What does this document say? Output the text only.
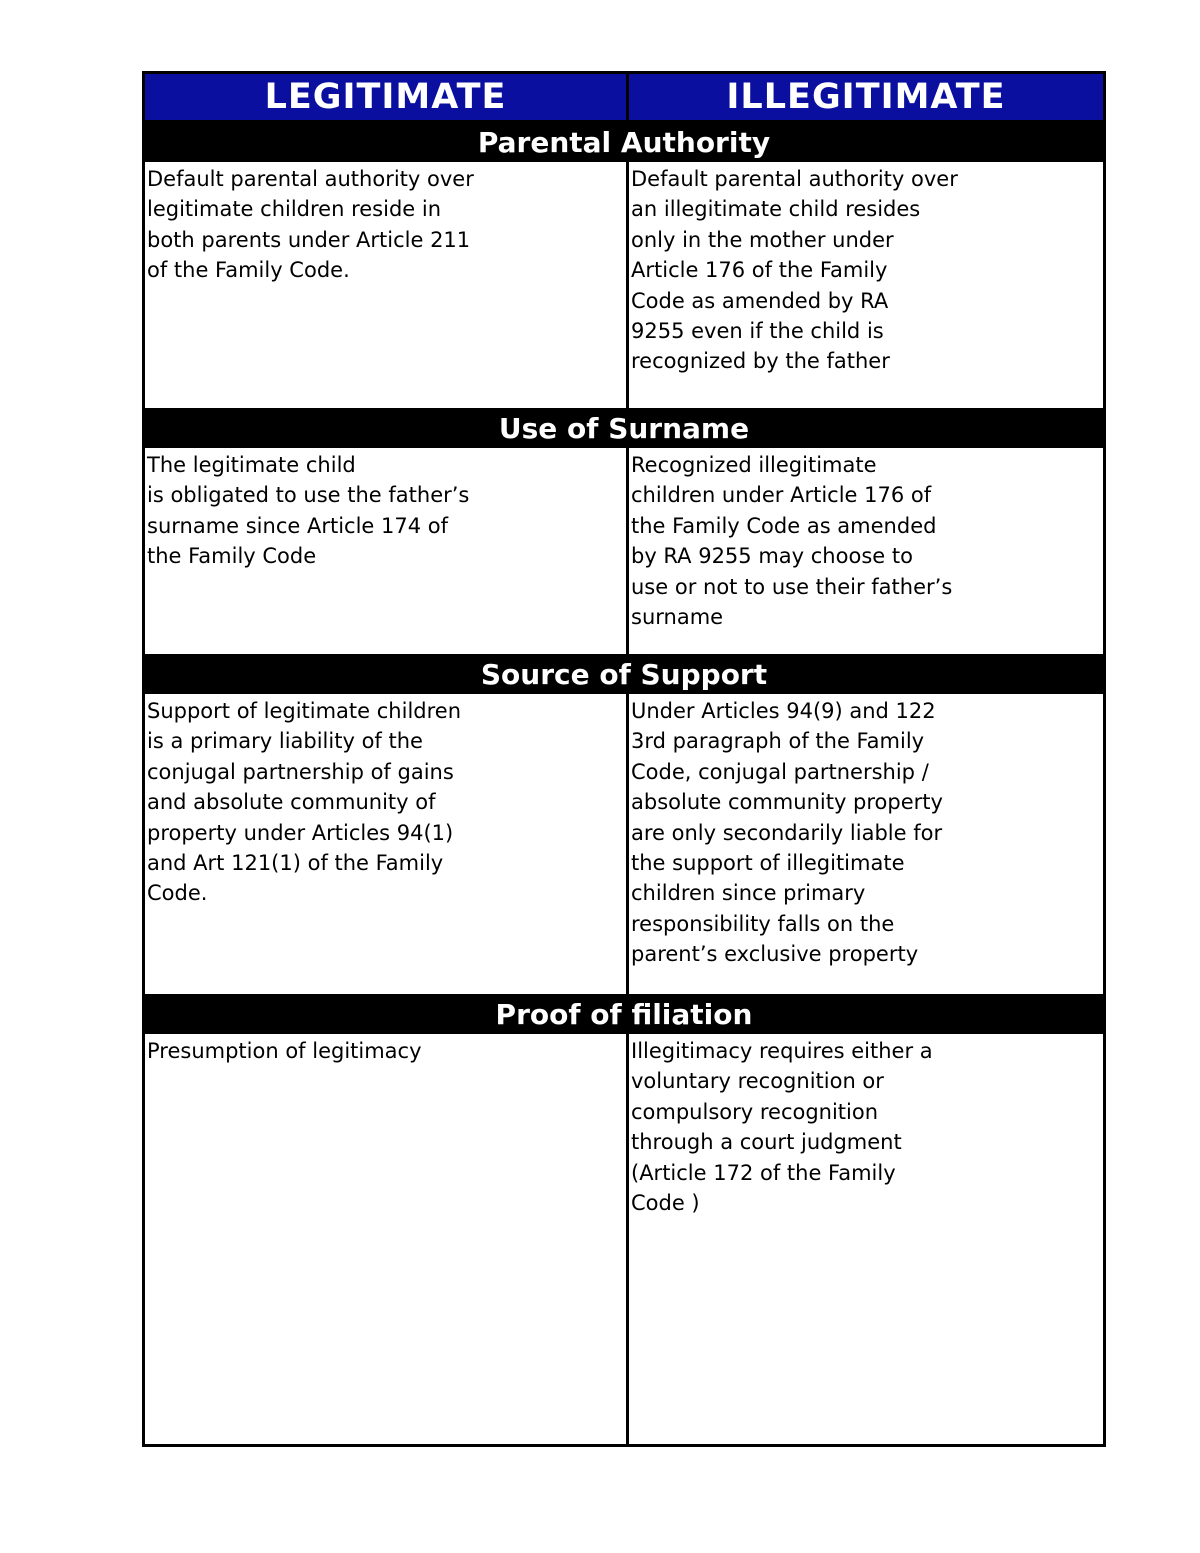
LEGITIMATE	ILLEGITIMATE
Parental Authority
Default parental authority over
legitimate children reside in
both parents under Article 211
of the Family Code.
Default parental authority over
an illegitimate child resides
only in the mother under
Article 176 of the Family
Code as amended by RA
9255 even if the child is
recognized by the father
Use of Surname
The legitimate child
is obligated to use the father’s
surname since Article 174 of
the Family Code
Recognized illegitimate
children under Article 176 of
the Family Code as amended
by RA 9255 may choose to
use or not to use their father’s
surname
Source of Support
Support of legitimate children
is a primary liability of the
conjugal partnership of gains
and absolute community of
property under Articles 94(1)
and Art 121(1) of the Family
Code.
Under Articles 94(9) and 122
3rd paragraph of the Family
Code, conjugal partnership /
absolute community property
are only secondarily liable for
the support of illegitimate
children since primary
responsibility falls on the
parent’s exclusive property
Proof of filiation
Presumption of legitimacy	Illegitimacy requires either a
voluntary recognition or
compulsory recognition
through a court judgment
(Article 172 of the Family
Code )
